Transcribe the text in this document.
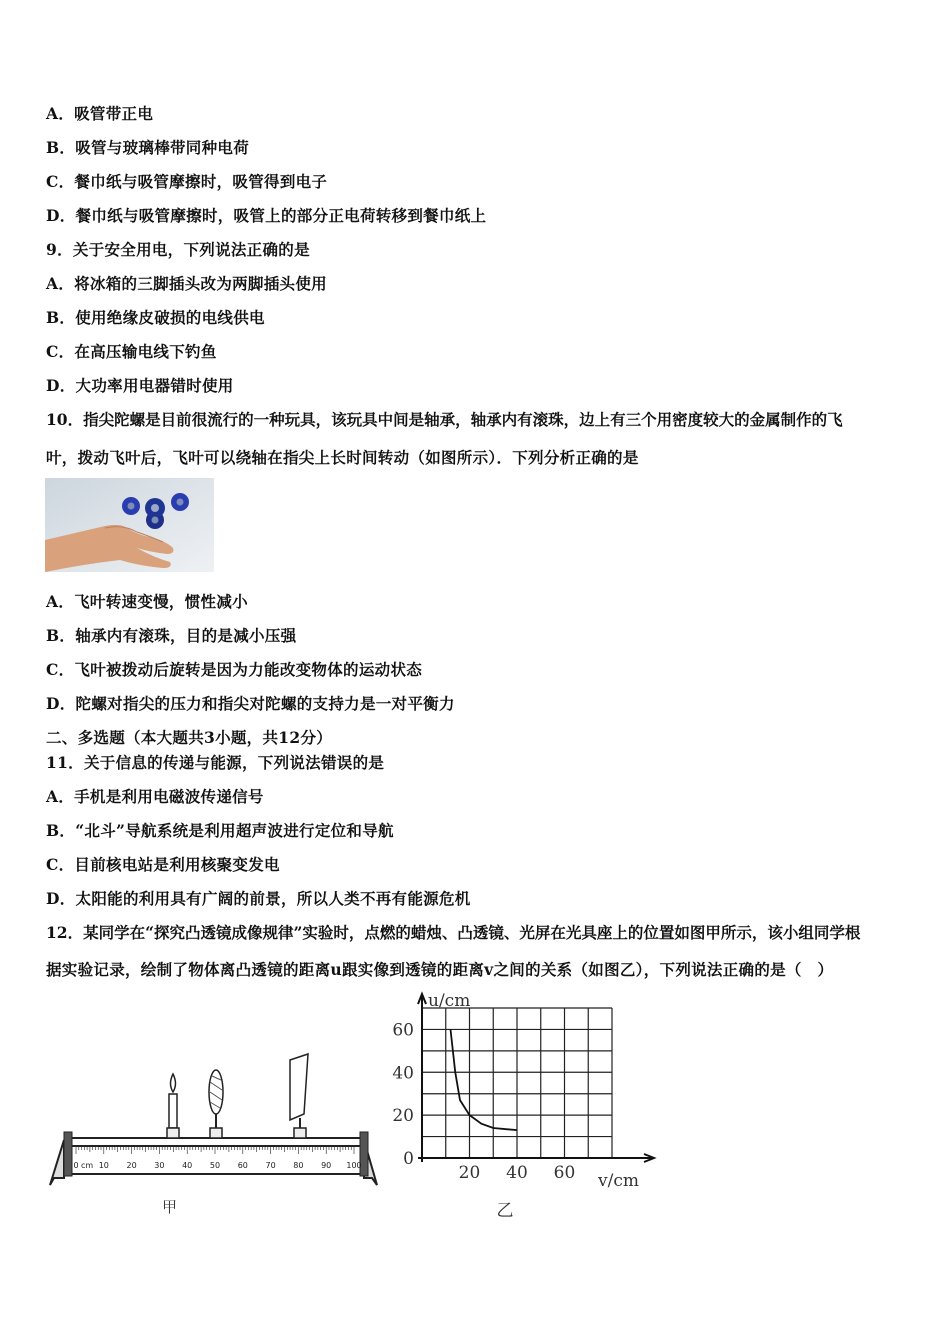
A．吸管带正电
B．吸管与玻璃棒带同种电荷
C．餐巾纸与吸管摩擦时，吸管得到电子
D．餐巾纸与吸管摩擦时，吸管上的部分正电荷转移到餐巾纸上
9．关于安全用电，下列说法正确的是
A．将冰箱的三脚插头改为两脚插头使用
B．使用绝缘皮破损的电线供电
C．在高压输电线下钓鱼
D．大功率用电器错时使用
10．指尖陀螺是目前很流行的一种玩具，该玩具中间是轴承，轴承内有滚珠，边上有三个用密度较大的金属制作的飞
叶，拨动飞叶后，飞叶可以绕轴在指尖上长时间转动（如图所示）．下列分析正确的是
A．飞叶转速变慢，惯性减小
B．轴承内有滚珠，目的是减小压强
C．飞叶被拨动后旋转是因为力能改变物体的运动状态
D．陀螺对指尖的压力和指尖对陀螺的支持力是一对平衡力
二、多选题（本大题共3小题，共12分）
11．关于信息的传递与能源，下列说法错误的是
A．手机是利用电磁波传递信号
B．“北斗”导航系统是利用超声波进行定位和导航
C．目前核电站是利用核聚变发电
D．太阳能的利用具有广阔的前景，所以人类不再有能源危机
12．某同学在“探究凸透镜成像规律”实验时，点燃的蜡烛、凸透镜、光屏在光具座上的位置如图甲所示，该小组同学根
据实验记录，绘制了物体离凸透镜的距离u跟实像到透镜的距离v之间的关系（如图乙），下列说法正确的是（　）
0 cm 10 20 30 40 50 60 70 80 90 100
甲
u/cm
v/cm
60
40
20
0
20 40 60
乙
